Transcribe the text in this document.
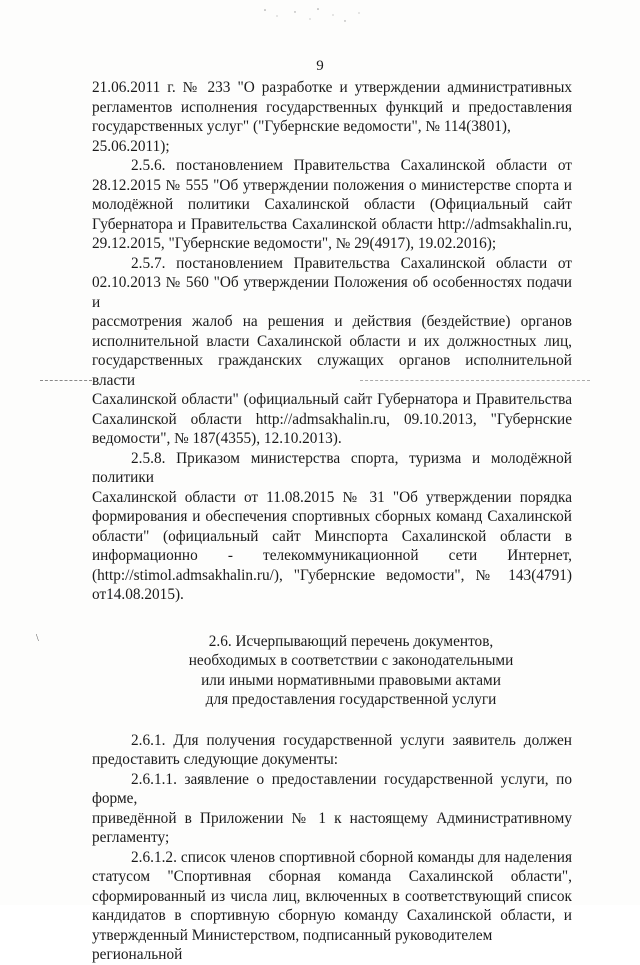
9
\
21.06.2011 г. № 233 "О разработке и утверждении административных
регламентов исполнения государственных функций и предоставления
государственных услуг" ("Губернские ведомости", № 114(3801), 25.06.2011);
2.5.6. постановлением Правительства Сахалинской области от
28.12.2015 № 555 "Об утверждении положения о министерстве спорта и
молодёжной политики Сахалинской области (Официальный сайт
Губернатора и Правительства Сахалинской области http://admsakhalin.ru,
29.12.2015, "Губернские ведомости", № 29(4917), 19.02.2016);
2.5.7. постановлением Правительства Сахалинской области от
02.10.2013 № 560 "Об утверждении Положения об особенностях подачи и
рассмотрения жалоб на решения и действия (бездействие) органов
исполнительной власти Сахалинской области и их должностных лиц,
государственных гражданских служащих органов исполнительной власти
Сахалинской области" (официальный сайт Губернатора и Правительства
Сахалинской области http://admsakhalin.ru, 09.10.2013, "Губернские
ведомости", № 187(4355), 12.10.2013).
2.5.8. Приказом министерства спорта, туризма и молодёжной политики
Сахалинской области от 11.08.2015 № 31 "Об утверждении порядка
формирования и обеспечения спортивных сборных команд Сахалинской
области" (официальный сайт Минспорта Сахалинской области в
информационно - телекоммуникационной сети Интернет,
(http://stimol.admsakhalin.ru/), "Губернские ведомости", № 143(4791)
от14.08.2015).
2.6. Исчерпывающий перечень документов,
необходимых в соответствии с законодательными
или иными нормативными правовыми актами
для предоставления государственной услуги
2.6.1. Для получения государственной услуги заявитель должен
предоставить следующие документы:
2.6.1.1. заявление о предоставлении государственной услуги, по форме,
приведённой в Приложении № 1 к настоящему Административному
регламенту;
2.6.1.2. список членов спортивной сборной команды для наделения
статусом "Спортивная сборная команда Сахалинской области",
сформированный из числа лиц, включенных в соответствующий список
кандидатов в спортивную сборную команду Сахалинской области, и
утвержденный Министерством, подписанный руководителем региональной
